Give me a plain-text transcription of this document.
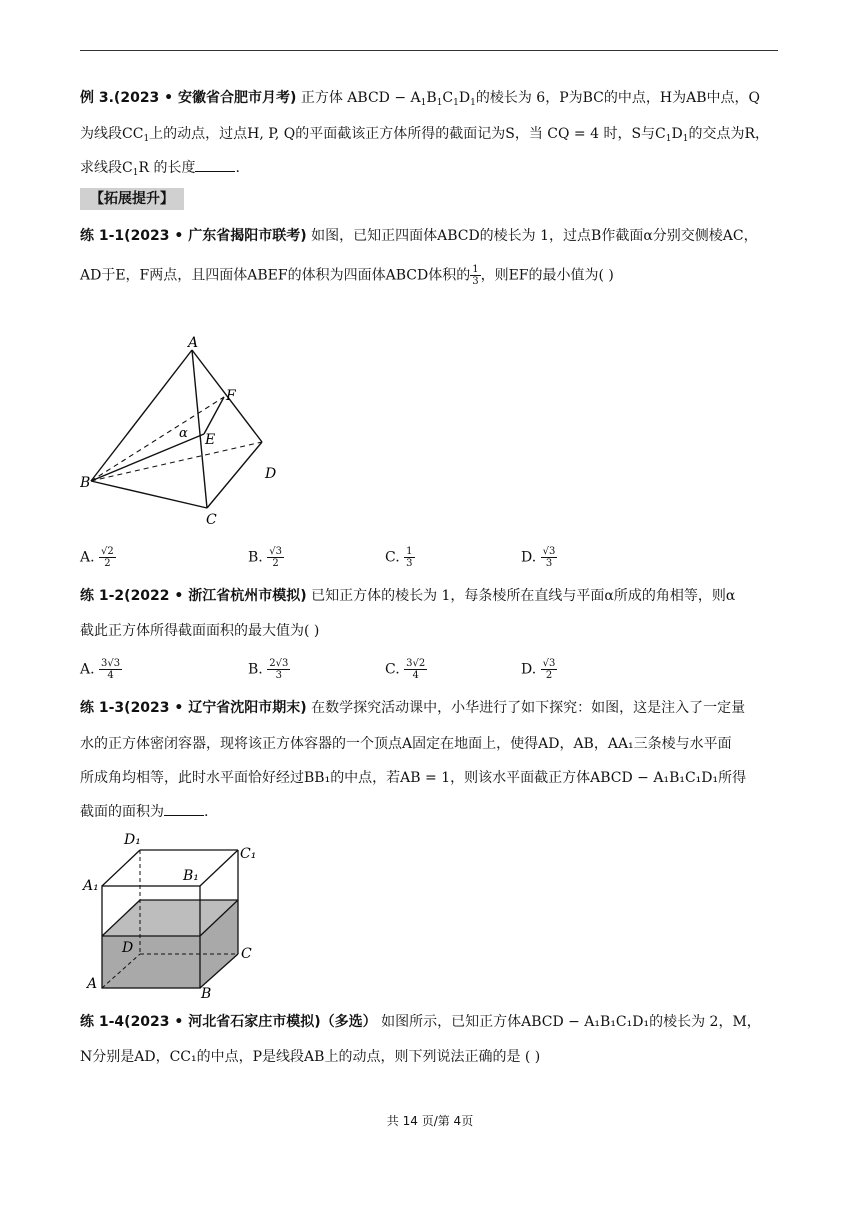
例 3.(2023 • 安徽省合肥市月考) 正方体 ABCD − $A_1B_1C_1D_1$的棱长为 6，P为BC的中点，H为AB中点，Q
为线段$CC_1$上的动点，过点H, P, Q的平面截该正方体所得的截面记为S，当 CQ = 4 时，S与$C_1D_1$的交点为R，
求线段$C_1R$ 的长度	.
【拓展提升】
练 1-1(2023 • 广东省揭阳市联考) 如图，已知正四面体ABCD的棱长为 1，过点B作截面α分别交侧棱AC，
AD于E，F两点，且四面体ABEF的体积为四面体ABCD体积的 $\frac{1}{3}$ ，则EF的最小值为( )
A
F
α E
D
B
C
A. $\frac{√2}{2}$	B. $\frac{√3}{2}$	C. $\frac{1}{3}$	D. $\frac{√3}{3}$
练 1-2(2022 • 浙江省杭州市模拟) 已知正方体的棱长为 1，每条棱所在直线与平面α所成的角相等，则α
截此正方体所得截面面积的最大值为( )
A. $\frac{3√3}{4}$	B. $\frac{2√3}{3}$	C. $\frac{3√2}{4}$	D. $\frac{√3}{2}$
练 1-3(2023 • 辽宁省沈阳市期末) 在数学探究活动课中，小华进行了如下探究：如图，这是注入了一定量
水的正方体密闭容器，现将该正方体容器的一个顶点A固定在地面上，使得AD，AB，AA₁三条棱与水平面
所成角均相等，此时水平面恰好经过BB₁的中点，若AB = 1，则该水平面截正方体ABCD − A₁B₁C₁D₁所得
截面的面积为	.
D₁
C₁
A₁
B₁
D	C
A
B
练 1-4(2023 • 河北省石家庄市模拟)（多选） 如图所示，已知正方体ABCD − A₁B₁C₁D₁的棱长为 2，M，
N分别是AD，CC₁的中点，P是线段AB上的动点，则下列说法正确的是 ( )
共 14 页/第 4页
